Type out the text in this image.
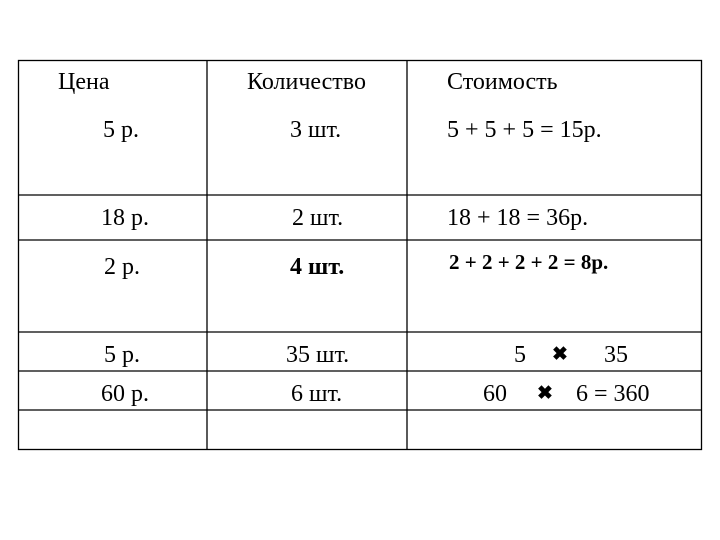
Цена	Количество	Стоимость
5 р.	3 шт.	5 + 5 + 5 = 15р.
18 р.	2 шт.	18 + 18 = 36р.
2 р.	4 шт.	2 + 2 + 2 + 2 = 8р.
5 р.	35 шт.	5 ✖ 35
60 р.	6 шт.	60 ✖ 6 = 360
